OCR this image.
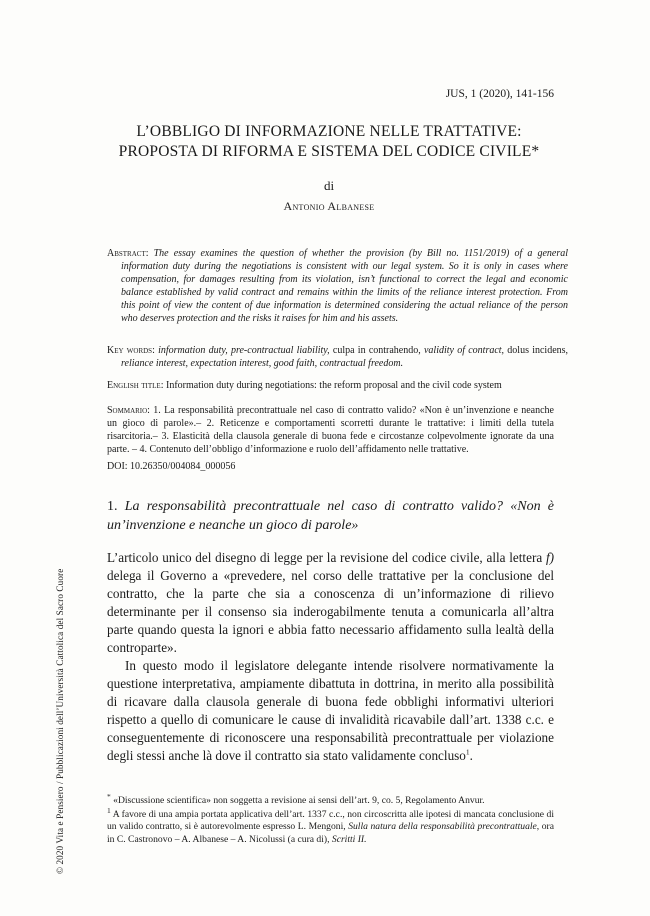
JUS, 1 (2020), 141-156
L’OBBLIGO DI INFORMAZIONE NELLE TRATTATIVE:
PROPOSTA DI RIFORMA E SISTEMA DEL CODICE CIVILE*
di
Antonio Albanese
Abstract: The essay examines the question of whether the provision (by Bill no. 1151/2019) of a general information duty during the negotiations is consistent with our legal system. So it is only in cases where compensation, for damages resulting from its violation, isn’t functional to correct the legal and economic balance established by valid contract and remains within the limits of the reliance interest protection. From this point of view the content of due information is determined considering the actual reliance of the person who deserves protection and the risks it raises for him and his assets.
Key words: information duty, pre-contractual liability, culpa in contrahendo, validity of contract, dolus incidens, reliance interest, expectation interest, good faith, contractual freedom.
English title: Information duty during negotiations: the reform proposal and the civil code system
Sommario: 1. La responsabilità precontrattuale nel caso di contratto valido? «Non è un’invenzione e neanche un gioco di parole».– 2. Reticenze e comportamenti scorretti durante le trattative: i limiti della tutela risarcitoria.– 3. Elasticità della clausola generale di buona fede e circostanze colpevolmente ignorate da una parte. – 4. Contenuto dell’obbligo d’informazione e ruolo dell’affidamento nelle trattative.
DOI: 10.26350/004084_000056
1. La responsabilità precontrattuale nel caso di contratto valido? «Non è un’invenzione e neanche un gioco di parole»

L’articolo unico del disegno di legge per la revisione del codice civile, alla lettera f) delega il Governo a «prevedere, nel corso delle trattative per la conclusione del contratto, che la parte che sia a conoscenza di un’informazione di rilievo determinante per il consenso sia inderogabilmente tenuta a comunicarla all’altra parte quando questa la ignori e abbia fatto necessario affidamento sulla lealtà della controparte».

In questo modo il legislatore delegante intende risolvere normativamente la questione interpretativa, ampiamente dibattuta in dottrina, in merito alla possibilità di ricavare dalla clausola generale di buona fede obblighi informativi ulteriori rispetto a quello di comunicare le cause di invalidità ricavabile dall’art. 1338 c.c. e conseguentemente di riconoscere una responsabilità precontrattuale per violazione degli stessi anche là dove il contratto sia stato validamente concluso$^1$.

* «Discussione scientifica» non soggetta a revisione ai sensi dell’art. 9, co. 5, Regolamento Anvur.

$^1$ A favore di una ampia portata applicativa dell’art. 1337 c.c., non circoscritta alle ipotesi di mancata conclusione di un valido contratto, si è autorevolmente espresso L. Mengoni, Sulla natura della responsabilità precontrattuale, ora in C. Castronovo – A. Albanese – A. Nicolussi (a cura di), Scritti II.

© 2020 Vita e Pensiero / Pubblicazioni dell’Università Cattolica del Sacro Cuore
